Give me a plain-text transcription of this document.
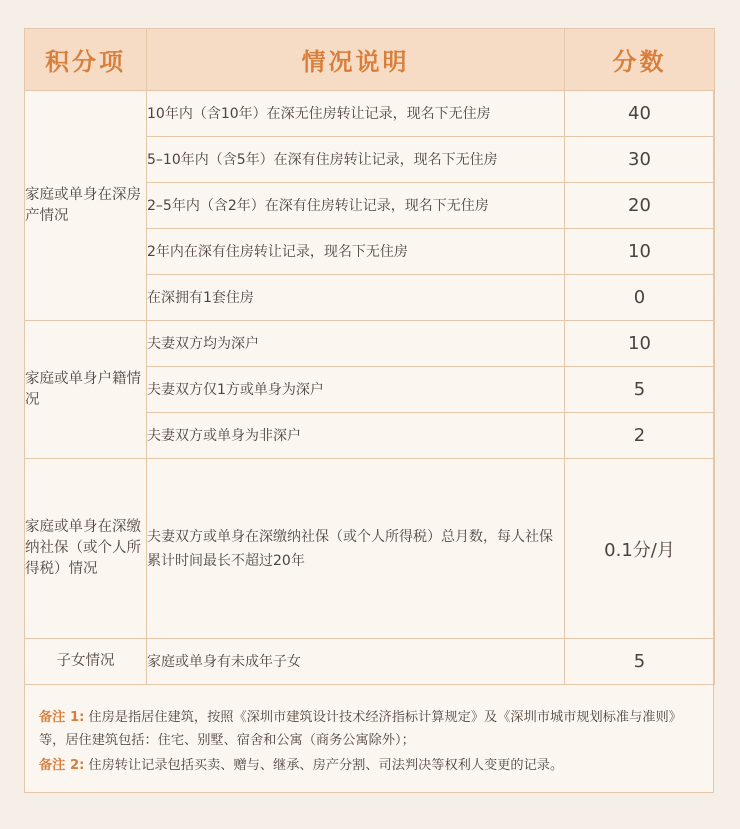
积分项	情况说明	分数
家庭或单身在深房产情况	10年内（含10年）在深无住房转让记录，现名下无住房	40
	5–10年内（含5年）在深有住房转让记录，现名下无住房	30
	2–5年内（含2年）在深有住房转让记录，现名下无住房	20
	2年内在深有住房转让记录，现名下无住房	10
	在深拥有1套住房	0
家庭或单身户籍情况	夫妻双方均为深户	10
	夫妻双方仅1方或单身为深户	5
	夫妻双方或单身为非深户	2
家庭或单身在深缴纳社保（或个人所得税）情况	夫妻双方或单身在深缴纳社保（或个人所得税）总月数，每人社保累计时间最长不超过20年	0.1分/月
子女情况	家庭或单身有未成年子女	5
备注 1: 住房是指居住建筑，按照《深圳市建筑设计技术经济指标计算规定》及《深圳市城市规划标准与准则》等，居住建筑包括：住宅、别墅、宿舍和公寓（商务公寓除外）；
备注 2: 住房转让记录包括买卖、赠与、继承、房产分割、司法判决等权利人变更的记录。
